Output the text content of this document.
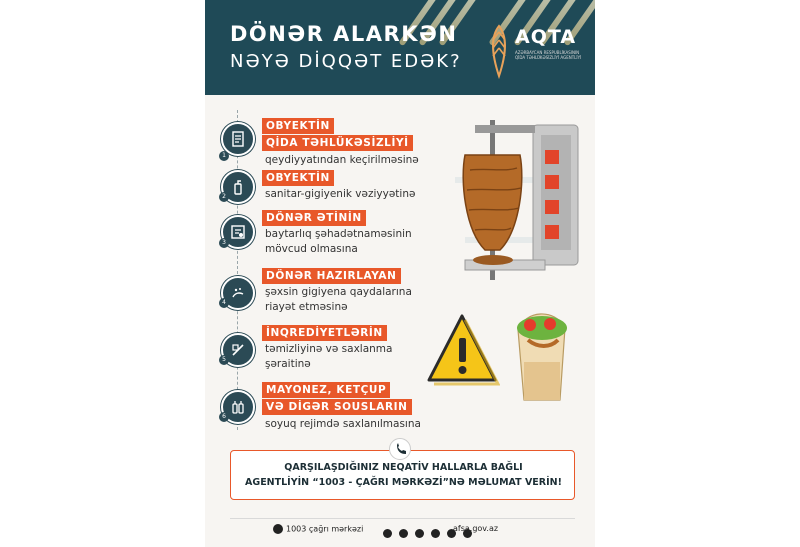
DÖNƏR ALARKƏN
NƏYƏ DİQQƏT EDƏK?
AQTA
AZƏRBAYCAN RESPUBLİKASININ QİDA TƏHLÜKƏSİZLİYİ AGENTLİYİ
1
OBYEKTİN
QİDA TƏHLÜKƏSİZLİYİ
qeydiyyatından keçirilməsinə
2
OBYEKTİN
sanitar-gigiyenik vəziyyətinə
3
DÖNƏR ƏTİNİN
baytarlıq şəhadətnaməsinin mövcud olmasına
4
DÖNƏR HAZIRLAYAN
şəxsin gigiyena qaydalarına riayət etməsinə
5
İNQREDİYETLƏRİN
təmizliyinə və saxlanma şəraitinə
6
MAYONEZ, KETÇUP
VƏ DİGƏR SOUSLARIN
soyuq rejimdə saxlanılmasına
QARŞILAŞDIĞINIZ NEQATİV HALLARLA BAĞLI
AGENTLİYİN “1003 - ÇAĞRI MƏRKƏZİ”NƏ MƏLUMAT VERİN!
1003 çağrı mərkəzi
	afsa.gov.az
